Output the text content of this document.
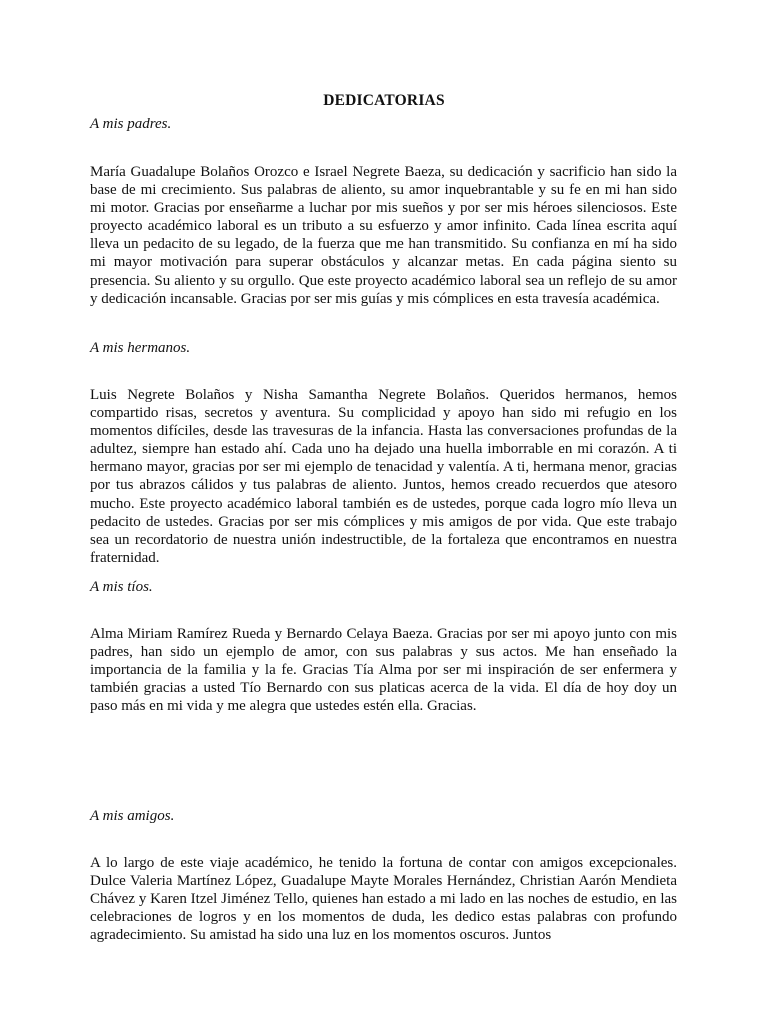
DEDICATORIAS
A mis padres.
María Guadalupe Bolaños Orozco e Israel Negrete Baeza, su dedicación y sacrificio han sido la base de mi crecimiento. Sus palabras de aliento, su amor inquebrantable y su fe en mi han sido mi motor. Gracias por enseñarme a luchar por mis sueños y por ser mis héroes silenciosos. Este proyecto académico laboral es un tributo a su esfuerzo y amor infinito. Cada línea escrita aquí lleva un pedacito de su legado, de la fuerza que me han transmitido. Su confianza en mí ha sido mi mayor motivación para superar obstáculos y alcanzar metas. En cada página siento su presencia. Su aliento y su orgullo. Que este proyecto académico laboral sea un reflejo de su amor y dedicación incansable. Gracias por ser mis guías y mis cómplices en esta travesía académica.
A mis hermanos.
Luis Negrete Bolaños y Nisha Samantha Negrete Bolaños. Queridos hermanos, hemos compartido risas, secretos y aventura. Su complicidad y apoyo han sido mi refugio en los momentos difíciles, desde las travesuras de la infancia. Hasta las conversaciones profundas de la adultez, siempre han estado ahí. Cada uno ha dejado una huella imborrable en mi corazón. A ti hermano mayor, gracias por ser mi ejemplo de tenacidad y valentía. A ti, hermana menor, gracias por tus abrazos cálidos y tus palabras de aliento. Juntos, hemos creado recuerdos que atesoro mucho. Este proyecto académico laboral también es de ustedes, porque cada logro mío lleva un pedacito de ustedes. Gracias por ser mis cómplices y mis amigos de por vida. Que este trabajo sea un recordatorio de nuestra unión indestructible, de la fortaleza que encontramos en nuestra fraternidad.
A mis tíos.
Alma Miriam Ramírez Rueda y Bernardo Celaya Baeza. Gracias por ser mi apoyo junto con mis padres, han sido un ejemplo de amor, con sus palabras y sus actos. Me han enseñado la importancia de la familia y la fe. Gracias Tía Alma por ser mi inspiración de ser enfermera y también gracias a usted Tío Bernardo con sus platicas acerca de la vida. El día de hoy doy un paso más en mi vida y me alegra que ustedes estén ella. Gracias.
A mis amigos.
A lo largo de este viaje académico, he tenido la fortuna de contar con amigos excepcionales. Dulce Valeria Martínez López, Guadalupe Mayte Morales Hernández, Christian Aarón Mendieta Chávez y Karen Itzel Jiménez Tello, quienes han estado a mi lado en las noches de estudio, en las celebraciones de logros y en los momentos de duda, les dedico estas palabras con profundo agradecimiento. Su amistad ha sido una luz en los momentos oscuros. Juntos
